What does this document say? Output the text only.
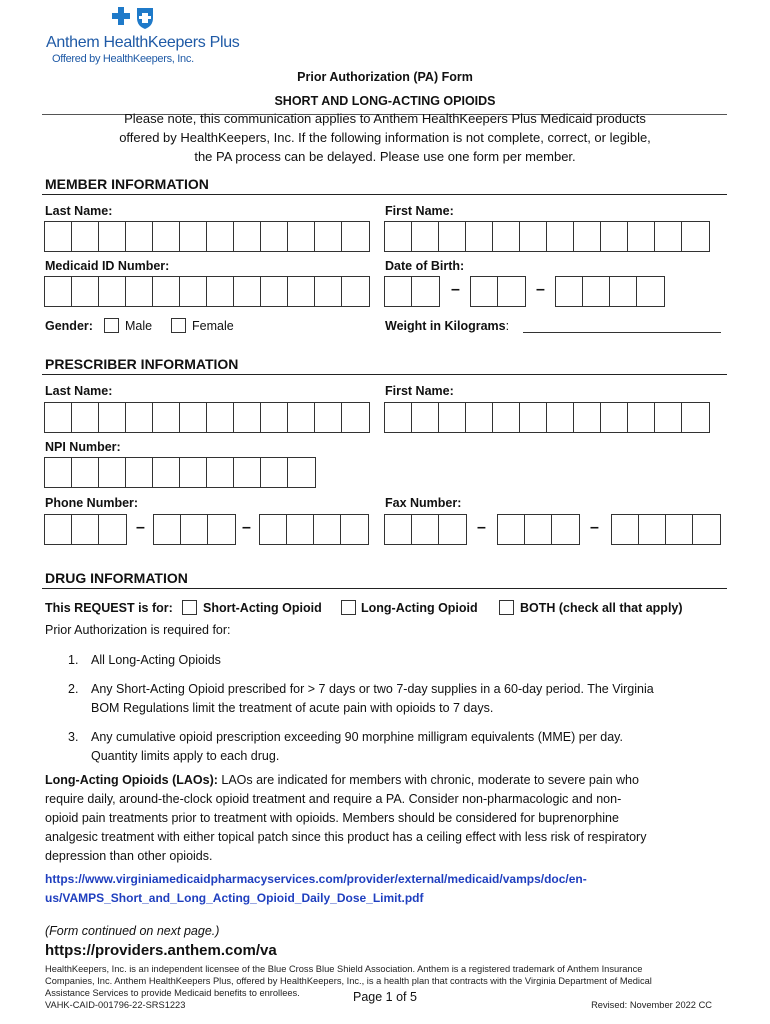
Anthem HealthKeepers Plus
Offered by HealthKeepers, Inc.
Prior Authorization (PA) Form
SHORT AND LONG-ACTING OPIOIDS
Please note, this communication applies to Anthem HealthKeepers Plus Medicaid products
offered by HealthKeepers, Inc. If the following information is not complete, correct, or legible,
the PA process can be delayed. Please use one form per member.
MEMBER INFORMATION
Last Name:	First Name:
Medicaid ID Number:	Date of Birth:
–	–
Gender:	Male	Female	Weight in Kilograms:
PRESCRIBER INFORMATION
Last Name:	First Name:
NPI Number:
Phone Number:	Fax Number:
–	–	–	–
DRUG INFORMATION
This REQUEST is for: Short-Acting Opioid	Long-Acting Opioid	BOTH (check all that apply)
Prior Authorization is required for:
1. All Long-Acting Opioids
2. Any Short-Acting Opioid prescribed for > 7 days or two 7-day supplies in a 60-day period. The Virginia
BOM Regulations limit the treatment of acute pain with opioids to 7 days.
3. Any cumulative opioid prescription exceeding 90 morphine milligram equivalents (MME) per day.
Quantity limits apply to each drug.
Long-Acting Opioids (LAOs): LAOs are indicated for members with chronic, moderate to severe pain who
require daily, around-the-clock opioid treatment and require a PA. Consider non-pharmacologic and non-
opioid pain treatments prior to treatment with opioids. Members should be considered for buprenorphine
analgesic treatment with either topical patch since this product has a ceiling effect with less risk of respiratory
depression than other opioids.
https://www.virginiamedicaidpharmacyservices.com/provider/external/medicaid/vamps/doc/en-
us/VAMPS_Short_and_Long_Acting_Opioid_Daily_Dose_Limit.pdf
(Form continued on next page.)
https://providers.anthem.com/va
HealthKeepers, Inc. is an independent licensee of the Blue Cross Blue Shield Association. Anthem is a registered trademark of Anthem Insurance
Companies, Inc. Anthem HealthKeepers Plus, offered by HealthKeepers, Inc., is a health plan that contracts with the Virginia Department of Medical
Assistance Services to provide Medicaid benefits to enrollees.
VAHK-CAID-001796-22-SRS1223
Page 1 of 5
Revised: November 2022 CC
